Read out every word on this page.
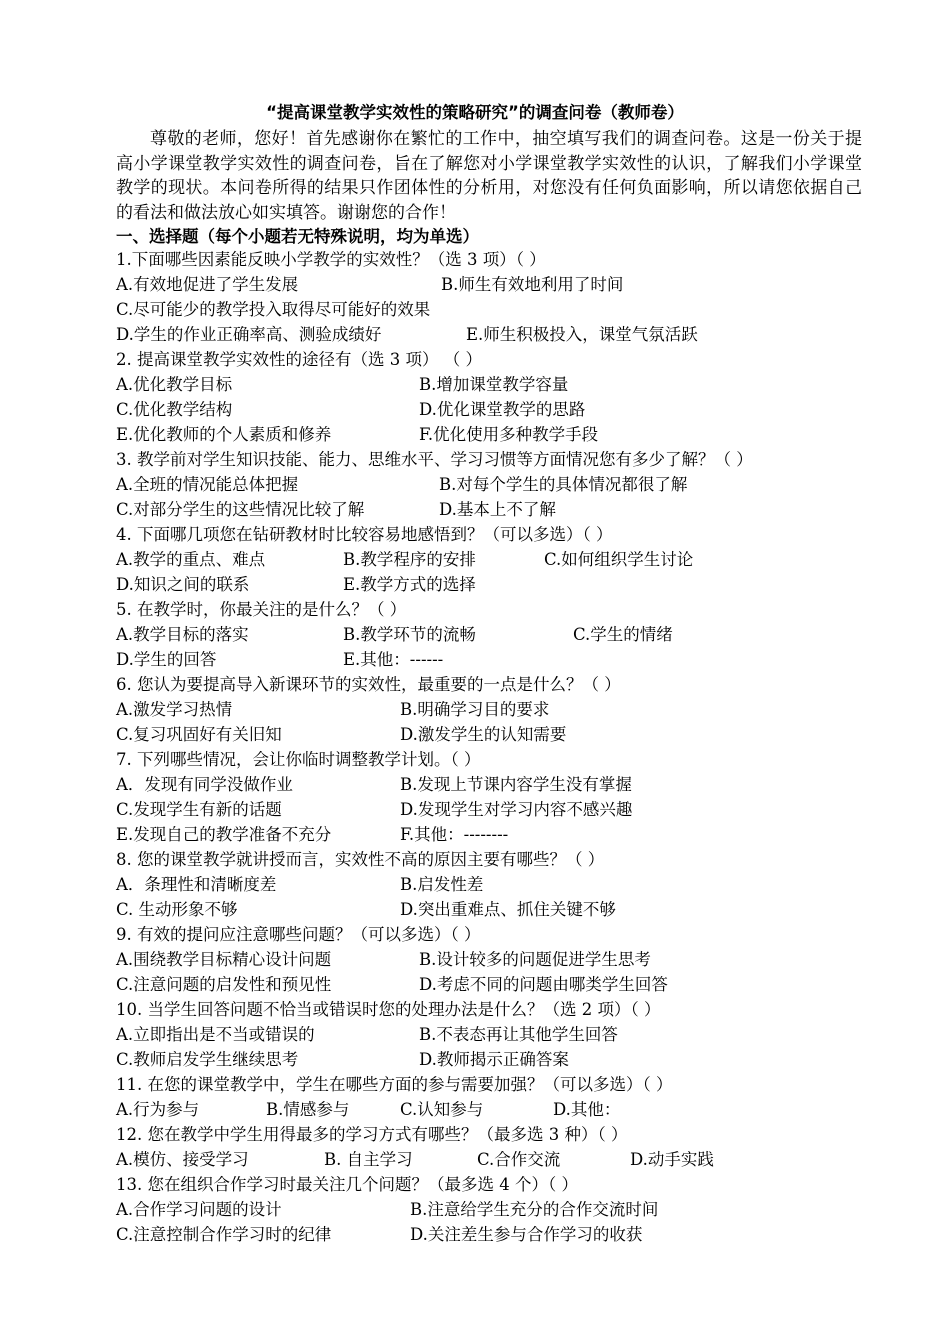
“提高课堂教学实效性的策略研究”的调查问卷（教师卷）
尊敬的老师，您好！首先感谢你在繁忙的工作中，抽空填写我们的调查问卷。这是一份关于提高小学课堂教学实效性的调查问卷，旨在了解您对小学课堂教学实效性的认识，了解我们小学课堂教学的现状。本问卷所得的结果只作团体性的分析用，对您没有任何负面影响，所以请您依据自己的看法和做法放心如实填答。谢谢您的合作！
一、选择题（每个小题若无特殊说明，均为单选）
1.下面哪些因素能反映小学教学的实效性？（选 3 项）（ ）
A.有效地促进了学生发展	B.师生有效地利用了时间
C.尽可能少的教学投入取得尽可能好的效果
D.学生的作业正确率高、测验成绩好	E.师生积极投入，课堂气氛活跃
2. 提高课堂教学实效性的途径有（选 3 项） （ ）
A.优化教学目标	B.增加课堂教学容量
C.优化教学结构	D.优化课堂教学的思路
E.优化教师的个人素质和修养	F.优化使用多种教学手段
3. 教学前对学生知识技能、能力、思维水平、学习习惯等方面情况您有多少了解？（ ）
A.全班的情况能总体把握	B.对每个学生的具体情况都很了解
C.对部分学生的这些情况比较了解	D.基本上不了解
4. 下面哪几项您在钻研教材时比较容易地感悟到？（可以多选）（ ）
A.教学的重点、难点	B.教学程序的安排	C.如何组织学生讨论
D.知识之间的联系	E.教学方式的选择
5. 在教学时，你最关注的是什么？（ ）
A.教学目标的落实	B.教学环节的流畅	C.学生的情绪
D.学生的回答	E.其他：------
6. 您认为要提高导入新课环节的实效性，最重要的一点是什么？（ ）
A.激发学习热情	B.明确学习目的要求
C.复习巩固好有关旧知	D.激发学生的认知需要
7. 下列哪些情况，会让你临时调整教学计划。（ ）
A．发现有同学没做作业	B.发现上节课内容学生没有掌握
C.发现学生有新的话题	D.发现学生对学习内容不感兴趣
E.发现自己的教学准备不充分	F.其他：--------
8. 您的课堂教学就讲授而言，实效性不高的原因主要有哪些？（ ）
A．条理性和清晰度差	B.启发性差
C. 生动形象不够	D.突出重难点、抓住关键不够
9. 有效的提问应注意哪些问题？（可以多选）（ ）
A.围绕教学目标精心设计问题	B.设计较多的问题促进学生思考
C.注意问题的启发性和预见性	D.考虑不同的问题由哪类学生回答
10. 当学生回答问题不恰当或错误时您的处理办法是什么？（选 2 项）（ ）
A.立即指出是不当或错误的	B.不表态再让其他学生回答
C.教师启发学生继续思考	D.教师揭示正确答案
11. 在您的课堂教学中，学生在哪些方面的参与需要加强？（可以多选）（ ）
A.行为参与	B.情感参与	C.认知参与	D.其他：
12. 您在教学中学生用得最多的学习方式有哪些？（最多选 3 种）（ ）
A.模仿、接受学习	B. 自主学习	C.合作交流	D.动手实践
13. 您在组织合作学习时最关注几个问题？（最多选 4 个）（ ）
A.合作学习问题的设计	B.注意给学生充分的合作交流时间
C.注意控制合作学习时的纪律	D.关注差生参与合作学习的收获
